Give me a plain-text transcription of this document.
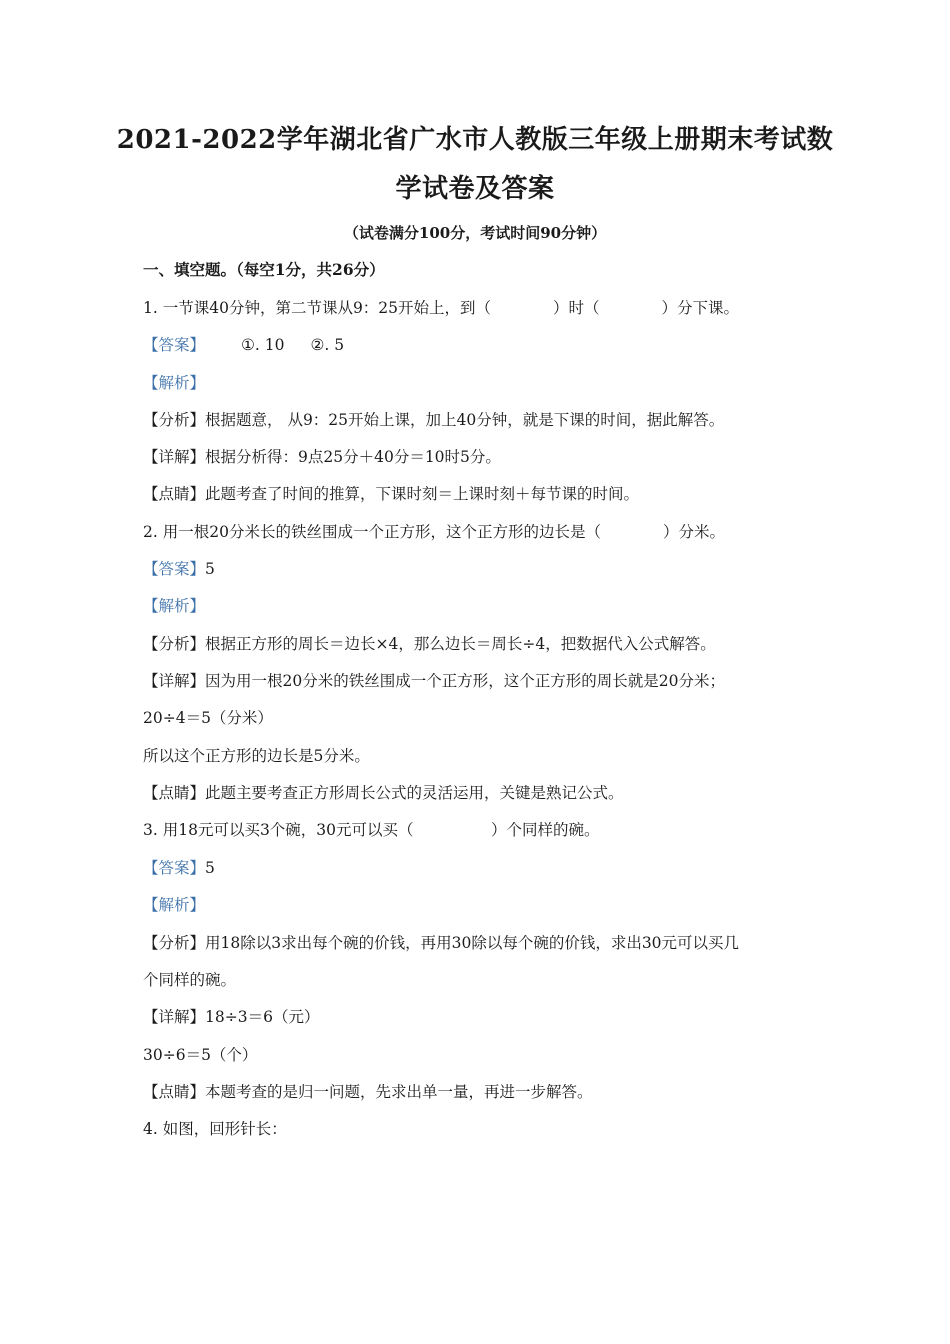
2021-2022学年湖北省广水市人教版三年级上册期末考试数
学试卷及答案
（试卷满分100分，考试时间90分钟）
一、填空题。（每空1分，共26分）
1. 一节课40分钟，第二节课从9：25开始上，到（　　　　）时（　　　　）分下课。
【答案】 ①. 10 ②. 5
【解析】
【分析】根据题意， 从9：25开始上课，加上40分钟，就是下课的时间，据此解答。
【详解】根据分析得：9点25分＋40分＝10时5分。
【点睛】此题考查了时间的推算，下课时刻＝上课时刻＋每节课的时间。
2. 用一根20分米长的铁丝围成一个正方形，这个正方形的边长是（　　　　）分米。
【答案】5
【解析】
【分析】根据正方形的周长＝边长×4，那么边长＝周长÷4，把数据代入公式解答。
【详解】因为用一根20分米的铁丝围成一个正方形，这个正方形的周长就是20分米；
20÷4＝5（分米）
所以这个正方形的边长是5分米。
【点睛】此题主要考查正方形周长公式的灵活运用，关键是熟记公式。
3. 用18元可以买3个碗，30元可以买（　　　　　）个同样的碗。
【答案】5
【解析】
【分析】用18除以3求出每个碗的价钱，再用30除以每个碗的价钱，求出30元可以买几
个同样的碗。
【详解】18÷3＝6（元）
30÷6＝5（个）
【点睛】本题考查的是归一问题，先求出单一量，再进一步解答。
4. 如图，回形针长：
